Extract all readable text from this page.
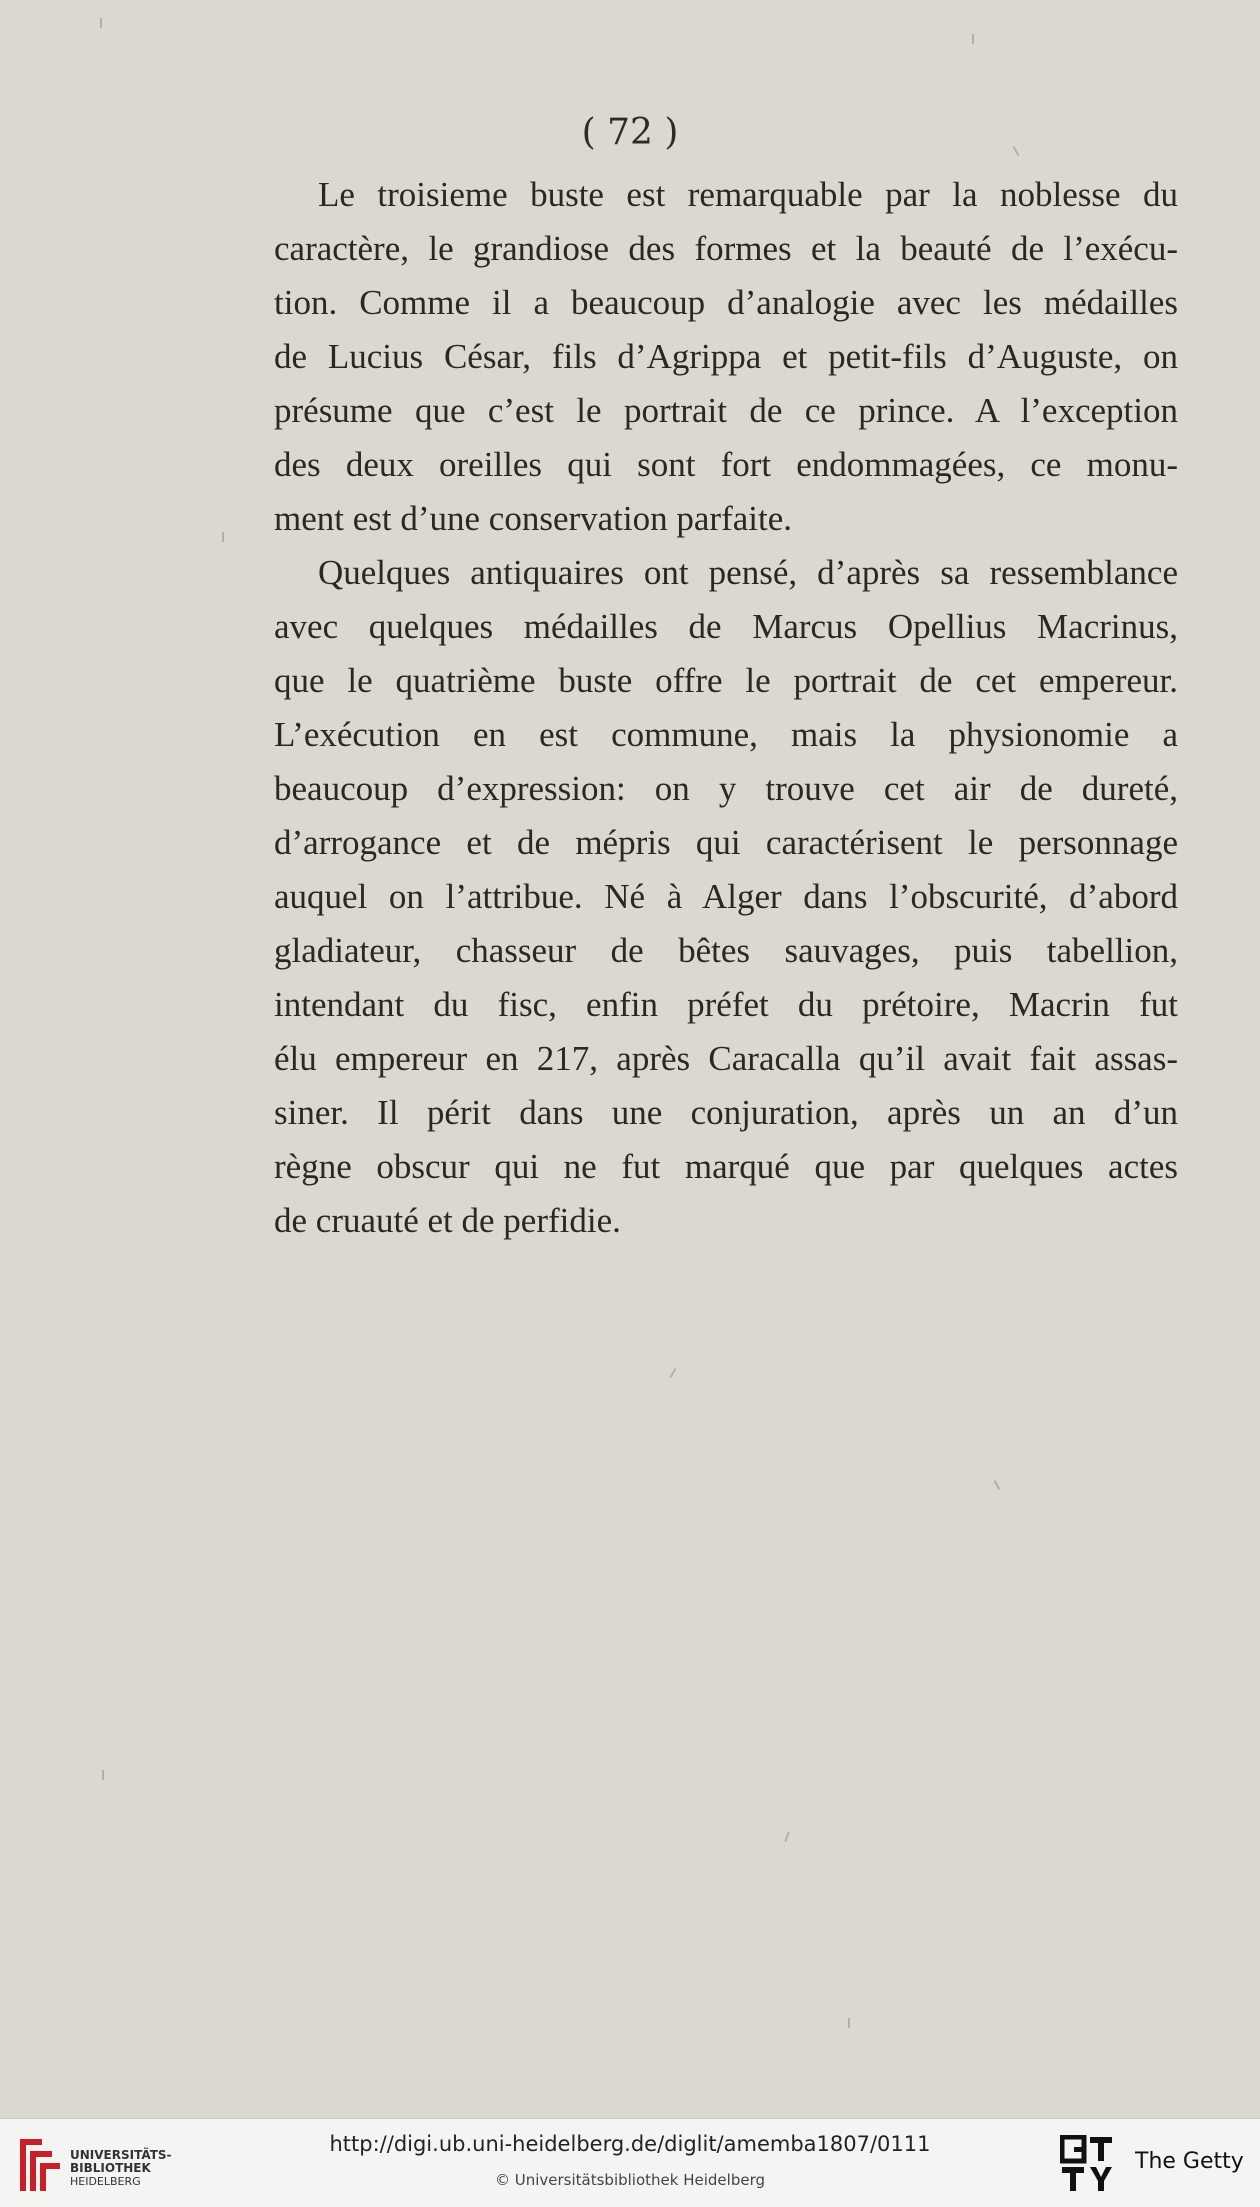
( 72 )

Le troisieme buste est remarquable par la noblesse du
caractère, le grandiose des formes et la beauté de l’exécu-
tion. Comme il a beaucoup d’analogie avec les médailles
de Lucius César, fils d’Agrippa et petit-fils d’Auguste, on
présume que c’est le portrait de ce prince. A l’exception
des deux oreilles qui sont fort endommagées, ce monu-
ment est d’une conservation parfaite.

Quelques antiquaires ont pensé, d’après sa ressemblance
avec quelques médailles de Marcus Opellius Macrinus,
que le quatrième buste offre le portrait de cet empereur.
L’exécution en est commune, mais la physionomie a
beaucoup d’expression: on y trouve cet air de dureté,
d’arrogance et de mépris qui caractérisent le personnage
auquel on l’attribue. Né à Alger dans l’obscurité, d’abord
gladiateur, chasseur de bêtes sauvages, puis tabellion,
intendant du fisc, enfin préfet du prétoire, Macrin fut
élu empereur en 217, après Caracalla qu’il avait fait assas-
siner. Il périt dans une conjuration, après un an d’un
règne obscur qui ne fut marqué que par quelques actes
de cruauté et de perfidie.

UNIVERSITÄTS-
BIBLIOTHEK
HEIDELBERG
http://digi.ub.uni-heidelberg.de/diglit/amemba1807/0111
© Universitätsbibliothek Heidelberg
The Getty
